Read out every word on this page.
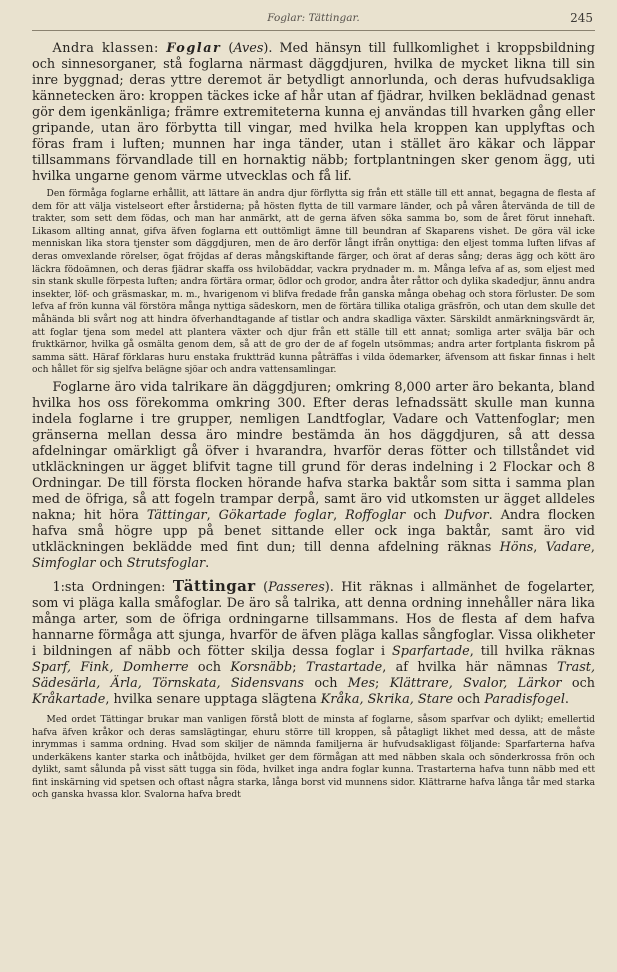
Foglar: Tättingar.	245

Andra klassen: Foglar (Aves). Med hänsyn till fullkomlighet i kroppsbildning och sinnesorganer, stå foglarna närmast däggdjuren, hvilka de mycket likna till sin inre byggnad; deras yttre deremot är betydligt annorlunda, och deras hufvudsakliga kännetecken äro: kroppen täckes icke af hår utan af fjädrar, hvilken beklädnad genast gör dem igenkänliga; främre extremiteterna kunna ej användas till hvarken gång eller gripande, utan äro förbytta till vingar, med hvilka hela kroppen kan upplyftas och föras fram i luften; munnen har inga tänder, utan i stället äro käkar och läppar tillsammans förvandlade till en hornaktig näbb; fortplantningen sker genom ägg, uti hvilka ungarne genom värme utvecklas och få lif.

Den förmåga foglarne erhållit, att lättare än andra djur förflytta sig från ett ställe till ett annat, begagna de flesta af dem för att välja vistelseort efter årstiderna; på hösten flytta de till varmare länder, och på våren återvända de till de trakter, som sett dem födas, och man har anmärkt, att de gerna äfven söka samma bo, som de året förut innehaft. Likasom allting annat, gifva äfven foglarna ett outtömligt ämne till beundran af Skaparens vishet. De göra väl icke menniskan lika stora tjenster som däggdjuren, men de äro derför långt ifrån onyttiga: den eljest tomma luften lifvas af deras omvexlande rörelser, ögat fröjdas af deras mångskiftande färger, och örat af deras sång; deras ägg och kött äro läckra födoämnen, och deras fjädrar skaffa oss hvilobäddar, vackra prydnader m. m. Många lefva af as, som eljest med sin stank skulle förpesta luften; andra förtära ormar, ödlor och grodor, andra åter råttor och dylika skadedjur, ännu andra insekter, löf- och gräsmaskar, m. m., hvarigenom vi blifva fredade från ganska många obehag och stora förluster. De som lefva af frön kunna väl förstöra många nyttiga sädeskorn, men de förtära tillika otaliga gräsfrön, och utan dem skulle det måhända bli svårt nog att hindra öfverhandtagande af tistlar och andra skadliga växter. Särskildt anmärkningsvärdt är, att foglar tjena som medel att plantera växter och djur från ett ställe till ett annat; somliga arter svälja bär och fruktkärnor, hvilka gå osmälta genom dem, så att de gro der de af fogeln utsömmas; andra arter fortplanta fiskrom på samma sätt. Häraf förklaras huru enstaka fruktträd kunna påträffas i vilda ödemarker, äfvensom att fiskar finnas i helt och hållet för sig sjelfva belägne sjöar och andra vattensamlingar.

Foglarne äro vida talrikare än däggdjuren; omkring 8,000 arter äro bekanta, bland hvilka hos oss förekomma omkring 300. Efter deras lefnadssätt skulle man kunna indela foglarne i tre grupper, nemligen Landtfoglar, Vadare och Vattenfoglar; men gränserna mellan dessa äro mindre bestämda än hos däggdjuren, så att dessa afdelningar omärkligt gå öfver i hvarandra, hvarför deras fötter och tillståndet vid utkläckningen ur ägget blifvit tagne till grund för deras indelning i 2 Flockar och 8 Ordningar. De till första flocken hörande hafva starka baktår som sitta i samma plan med de öfriga, så att fogeln trampar derpå, samt äro vid utkomsten ur ägget alldeles nakna; hit höra Tättingar, Gökartade foglar, Roffoglar och Dufvor. Andra flocken hafva små högre upp på benet sittande eller ock inga baktår, samt äro vid utkläckningen beklädde med fint dun; till denna afdelning räknas Höns, Vadare, Simfoglar och Strutsfoglar.

1:sta Ordningen: Tättingar (Passeres). Hit räknas i allmänhet de fogelarter, som vi pläga kalla småfoglar. De äro så talrika, att denna ordning innehåller nära lika många arter, som de öfriga ordningarne tillsammans. Hos de flesta af dem hafva hannarne förmåga att sjunga, hvarför de äfven pläga kallas sångfoglar. Vissa olikheter i bildningen af näbb och fötter skilja dessa foglar i Sparfartade, till hvilka räknas Sparf, Fink, Domherre och Korsnäbb; Trastartade, af hvilka här nämnas Trast, Sädesärla, Ärla, Törnskata, Sidensvans och Mes; Klättrare, Svalor, Lärkor och Kråkartade, hvilka senare upptaga slägtena Kråka, Skrika, Stare och Paradisfogel.

Med ordet Tättingar brukar man vanligen förstå blott de minsta af foglarne, såsom sparfvar och dylikt; emellertid hafva äfven kråkor och deras samslägtingar, ehuru större till kroppen, så påtagligt likhet med dessa, att de måste inrymmas i samma ordning. Hvad som skiljer de nämnda familjerna är hufvudsakligast följande: Sparfarterna hafva underkäkens kanter starka och inåtböjda, hvilket ger dem förmågan att med näbben skala och sönderkrossa frön och dylikt, samt sålunda på visst sätt tugga sin föda, hvilket inga andra foglar kunna. Trastarterna hafva tunn näbb med ett fint inskärning vid spetsen och oftast några starka, långa borst vid munnens sidor. Klättrarne hafva långa tår med starka och ganska hvassa klor. Svalorna hafva bredt
